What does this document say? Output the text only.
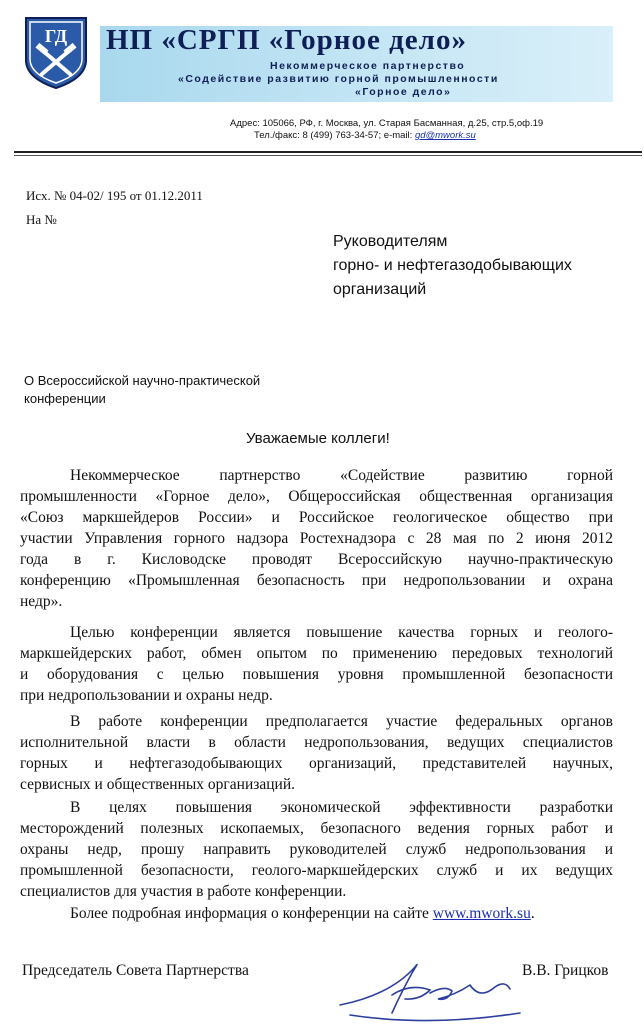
ГД НП «СРГП «Горное дело»
Некоммерческое партнерство
«Содействие развитию горной промышленности
«Горное дело»
Адрес: 105066, РФ, г. Москва, ул. Старая Басманная, д.25, стр.5,оф.19
Тел./факс: 8 (499) 763-34-57; e-mail: gd@mwork.su
Исх. № 04-02/ 195 от 01.12.2011
На №
Руководителям
горно- и нефтегазодобывающих
организаций
О Всероссийской научно-практической
конференции
Уважаемые коллеги!
Некоммерческое партнерство «Содействие развитию горной
промышленности «Горное дело», Общероссийская общественная организация
«Союз маркшейдеров России» и Российское геологическое общество при
участии Управления горного надзора Ростехнадзора с 28 мая по 2 июня 2012
года в г. Кисловодске проводят Всероссийскую научно-практическую
конференцию «Промышленная безопасность при недропользовании и охрана
недр».
Целью конференции является повышение качества горных и геолого-
маркшейдерских работ, обмен опытом по применению передовых технологий
и оборудования с целью повышения уровня промышленной безопасности
при недропользовании и охраны недр.
В работе конференции предполагается участие федеральных органов
исполнительной власти в области недропользования, ведущих специалистов
горных и нефтегазодобывающих организаций, представителей научных,
сервисных и общественных организаций.
В целях повышения экономической эффективности разработки
месторождений полезных ископаемых, безопасного ведения горных работ и
охраны недр, прошу направить руководителей служб недропользования и
промышленной безопасности, геолого-маркшейдерских служб и их ведущих
специалистов для участия в работе конференции.
Более подробная информация о конференции на сайте www.mwork.su.
Председатель Совета Партнерства	В.В. Грицков
